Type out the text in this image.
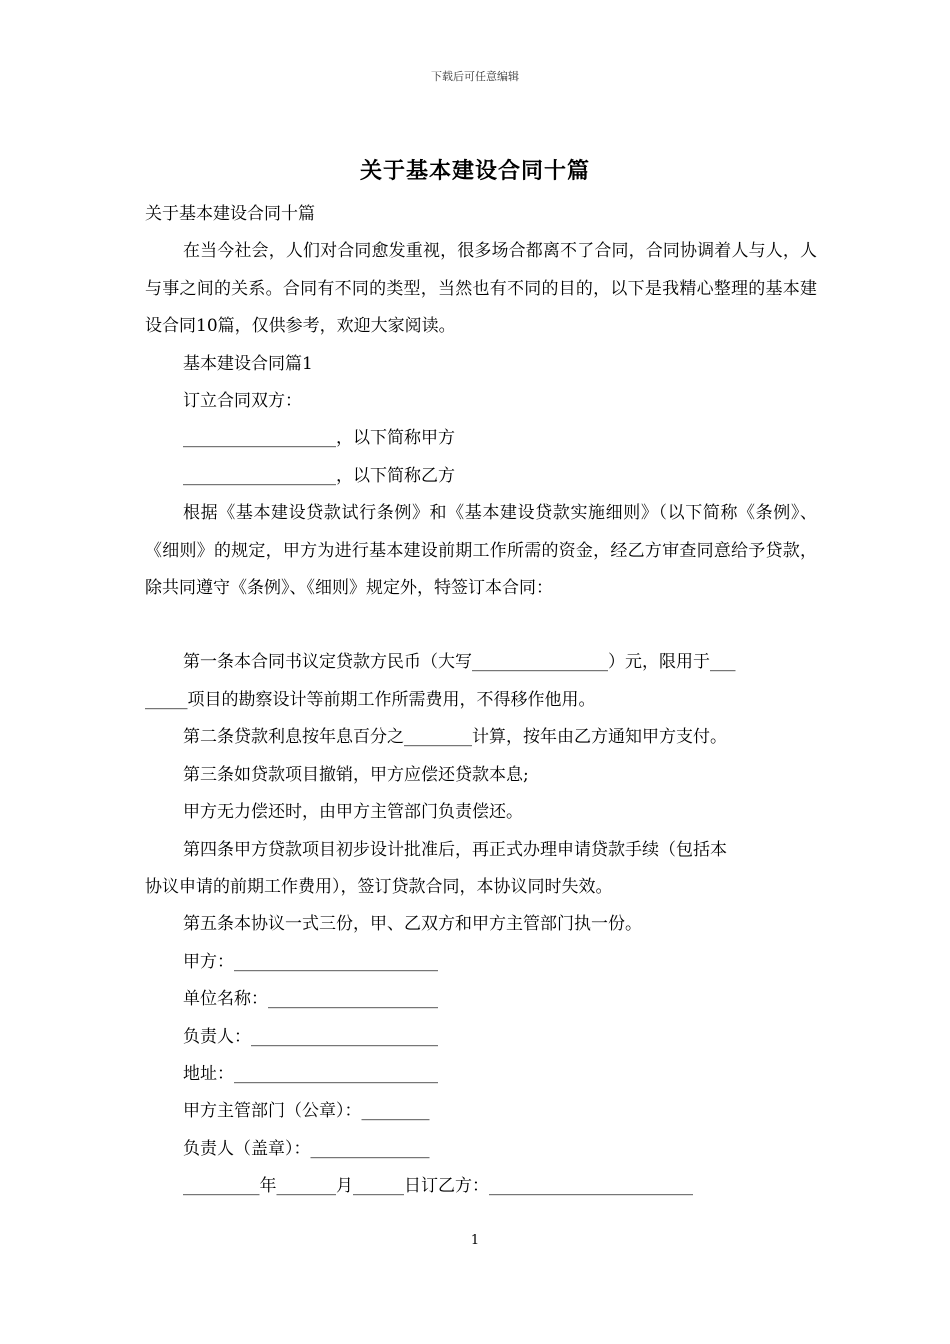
下载后可任意编辑
关于基本建设合同十篇

关于基本建设合同十篇

在当今社会，人们对合同愈发重视，很多场合都离不了合同，合同协调着人与人，人与事之间的关系。合同有不同的类型，当然也有不同的目的，以下是我精心整理的基本建设合同10篇，仅供参考，欢迎大家阅读。

基本建设合同篇1

订立合同双方：

__________________，以下简称甲方

__________________，以下简称乙方

根据《基本建设贷款试行条例》和《基本建设贷款实施细则》（以下简称《条例》、《细则》的规定，甲方为进行基本建设前期工作所需的资金，经乙方审查同意给予贷款，除共同遵守《条例》、《细则》规定外，特签订本合同：

第一条本合同书议定贷款方民币（大写________________）元，限用于___

_____项目的勘察设计等前期工作所需费用，不得移作他用。

第二条贷款利息按年息百分之________计算，按年由乙方通知甲方支付。

第三条如贷款项目撤销，甲方应偿还贷款本息;

甲方无力偿还时，由甲方主管部门负责偿还。

第四条甲方贷款项目初步设计批准后，再正式办理申请贷款手续（包括本

协议申请的前期工作费用），签订贷款合同，本协议同时失效。

第五条本协议一式三份，甲、乙双方和甲方主管部门执一份。

甲方：________________________

单位名称：____________________

负责人：______________________

地址：________________________

甲方主管部门（公章）：________

负责人（盖章）：______________

_________年_______月______日订乙方：________________________

1
